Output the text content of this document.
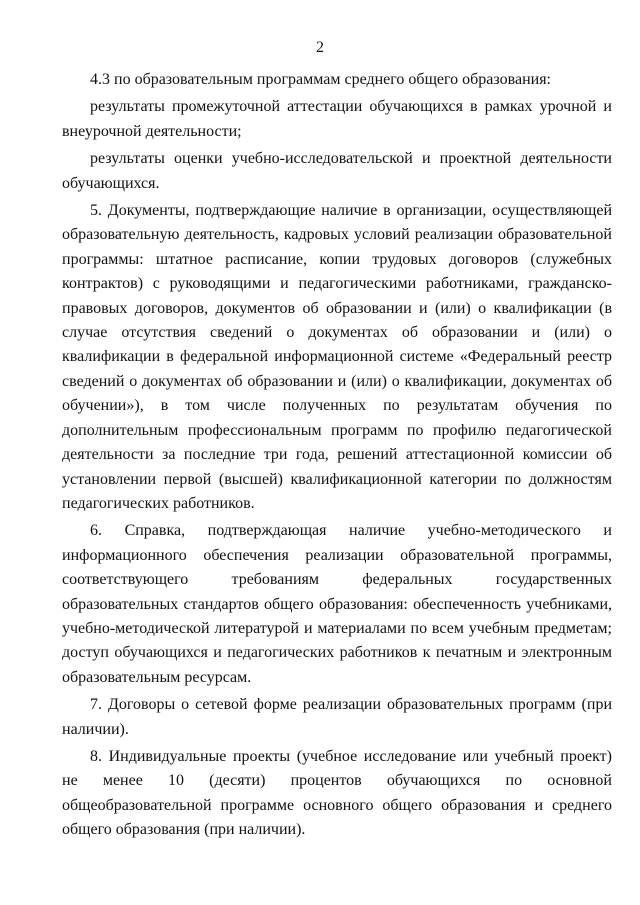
2

4.3 по образовательным программам среднего общего образования:

результаты промежуточной аттестации обучающихся в рамках урочной и внеурочной деятельности;

результаты оценки учебно-исследовательской и проектной деятельности обучающихся.

5. Документы, подтверждающие наличие в организации, осуществляющей образовательную деятельность, кадровых условий реализации образовательной программы: штатное расписание, копии трудовых договоров (служебных контрактов) с руководящими и педагогическими работниками, гражданско-правовых договоров, документов об образовании и (или) о квалификации (в случае отсутствия сведений о документах об образовании и (или) о квалификации в федеральной информационной системе «Федеральный реестр сведений о документах об образовании и (или) о квалификации, документах об обучении»), в том числе полученных по результатам обучения по дополнительным профессиональным программ по профилю педагогической деятельности за последние три года, решений аттестационной комиссии об установлении первой (высшей) квалификационной категории по должностям педагогических работников.

6. Справка, подтверждающая наличие учебно-методического и информационного обеспечения реализации образовательной программы, соответствующего требованиям федеральных государственных образовательных стандартов общего образования: обеспеченность учебниками, учебно-методической литературой и материалами по всем учебным предметам; доступ обучающихся и педагогических работников к печатным и электронным образовательным ресурсам.

7. Договоры о сетевой форме реализации образовательных программ (при наличии).

8. Индивидуальные проекты (учебное исследование или учебный проект) не менее 10 (десяти) процентов обучающихся по основной общеобразовательной программе основного общего образования и среднего общего образования (при наличии).
